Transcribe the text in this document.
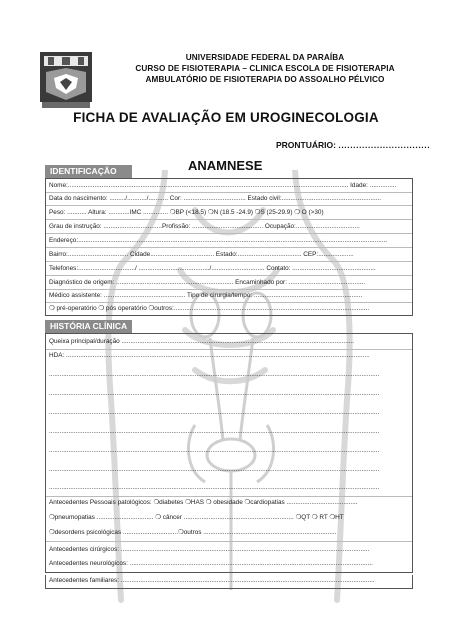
UNIVERSIDADE FEDERAL DA PARAÍBA
CURSO DE FISIOTERAPIA – CLINICA ESCOLA DE FISIOTERAPIA
AMBULATÓRIO DE FISIOTERAPIA DO ASSOALHO PÉLVICO
FICHA DE AVALIAÇÃO EM UROGINECOLOGIA
PRONTUÁRIO: ...............................
IDENTIFICAÇÃO	ANAMNESE
Nome:.............................................................................................................................................................. Idade: ...............
Data do nascimento: ........./.........../........... Cor: ................................... Estado civil:........................................................
Peso: ........... Altura: ............IMC .............. ❍BP (<18.5) ❍N (18.5 -24.9) ❍S (25-29.9) ❍ O (>30)
Grau de instrução: .................................Profissão: ........................................ Ocupação:....................................
Endereço:..............................................................................................................................................................................
Bairro:.................................. Cidade.................................... Estado:.................................... CEP:....................
Telefones:................................/ ......................................../.............................. Contato: ...............................................
Diagnóstico de origem: .................................................................. Encaminhado por: ...........................................
Médico assistente: .............................................. Tipo de cirurgia/tempo: .............................................................
❍ pré-operatório ❍ pós operatório ❍outros:..............................................................................................................
HISTÓRIA CLÍNICA
Queixa principal/duração ...................................................................................................................................
HDA: ...........................................................................................................................................................................
..........................................................................................................................................................................................
..........................................................................................................................................................................................
..........................................................................................................................................................................................
..........................................................................................................................................................................................
..........................................................................................................................................................................................
..........................................................................................................................................................................................
..........................................................................................................................................................................................
Antecedentes Pessoais patológicos: ❍diabetes ❍HAS ❍ obesidade ❍cardiopatias ........................................
❍pneumopatias ................................ ❍ câncer .............................................................. ❍QT ❍ RT ❍HT
❍desordens psicológicas ...............................❍outros ...........................................................................
Antecedentes cirúrgicos: ............................................................................................................................................
Antecedentes neurológicos: .........................................................................................................................................
Antecedentes familiares: ...............................................................................................................................................
